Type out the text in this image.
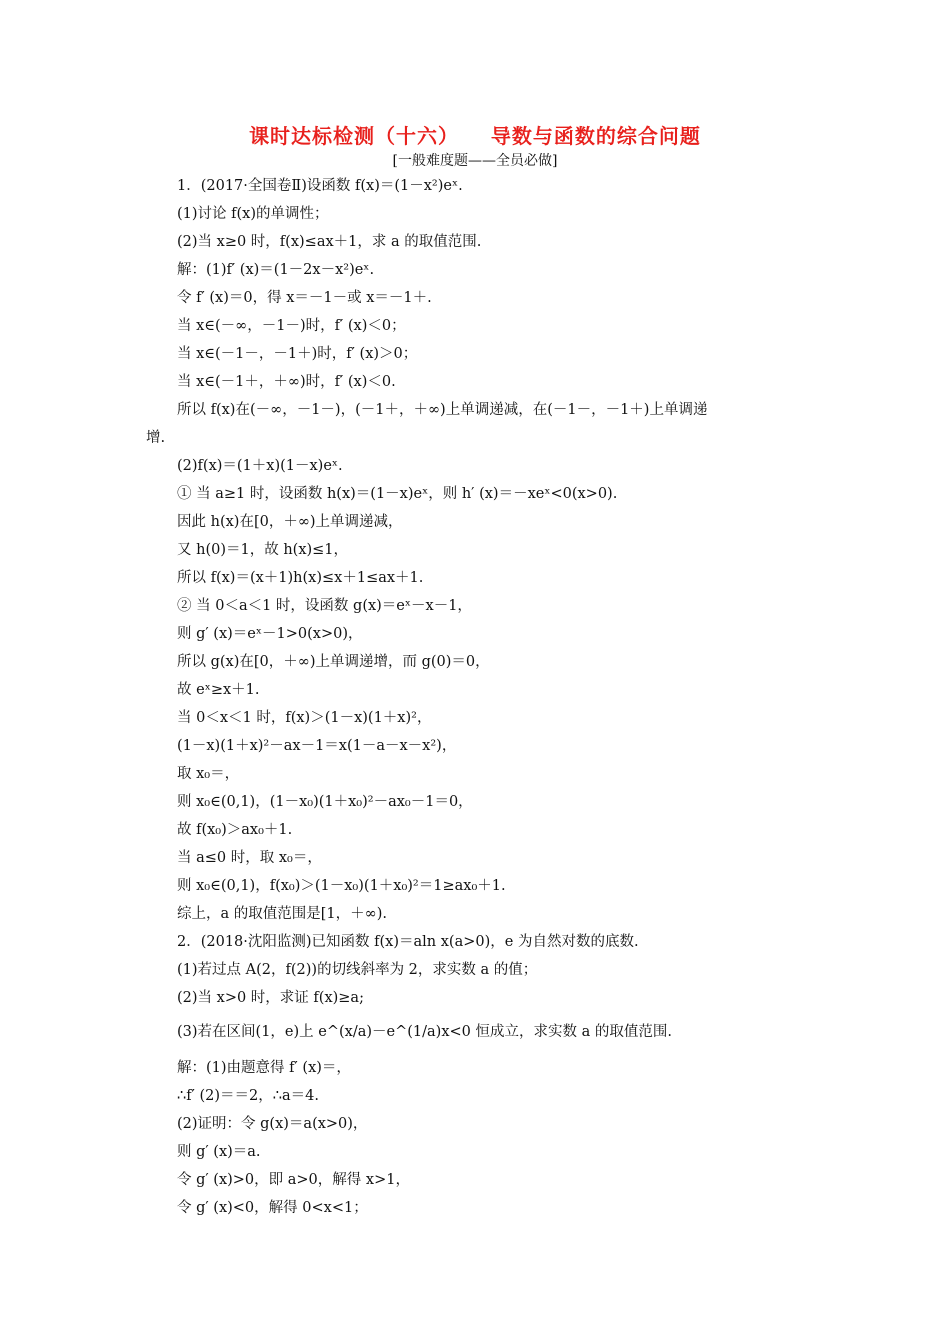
课时达标检测（十六）    导数与函数的综合问题
[一般难度题——全员必做]
1．(2017·全国卷Ⅱ)设函数 f(x)＝(1－x²)eˣ.
(1)讨论 f(x)的单调性；
(2)当 x≥0 时，f(x)≤ax＋1，求 a 的取值范围.
解：(1)f′ (x)＝(1－2x－x²)eˣ.
令 f′ (x)＝0，得 x＝－1－或 x＝－1＋.
当 x∈(－∞，－1－)时，f′ (x)＜0；
当 x∈(－1－，－1＋)时，f′ (x)＞0；
当 x∈(－1＋，＋∞)时，f′ (x)＜0.
所以 f(x)在(－∞，－1－)，(－1＋，＋∞)上单调递减，在(－1－，－1＋)上单调递
增.
(2)f(x)＝(1＋x)(1－x)eˣ.
① 当 a≥1 时，设函数 h(x)＝(1－x)eˣ，则 h′ (x)＝－xeˣ<0(x>0).
因此 h(x)在[0，＋∞)上单调递减，
又 h(0)＝1，故 h(x)≤1，
所以 f(x)＝(x＋1)h(x)≤x＋1≤ax＋1.
② 当 0＜a＜1 时，设函数 g(x)＝eˣ－x－1，
则 g′ (x)＝eˣ－1>0(x>0)，
所以 g(x)在[0，＋∞)上单调递增，而 g(0)＝0，
故 eˣ≥x＋1.
当 0＜x＜1 时，f(x)＞(1－x)(1＋x)²，
(1－x)(1＋x)²－ax－1＝x(1－a－x－x²)，
取 x₀＝，
则 x₀∈(0,1)，(1－x₀)(1＋x₀)²－ax₀－1＝0，
故 f(x₀)＞ax₀＋1.
当 a≤0 时，取 x₀＝，
则 x₀∈(0,1)，f(x₀)＞(1－x₀)(1＋x₀)²＝1≥ax₀＋1.
综上，a 的取值范围是[1，＋∞).
2．(2018·沈阳监测)已知函数 f(x)＝aln x(a>0)，e 为自然对数的底数.
(1)若过点 A(2，f(2))的切线斜率为 2，求实数 a 的值；
(2)当 x>0 时，求证 f(x)≥a;
(3)若在区间(1，e)上 e^(x/a)－e^(1/a)x<0 恒成立，求实数 a 的取值范围.
解：(1)由题意得 f′ (x)＝，
∴f′ (2)＝＝2，∴a＝4.
(2)证明：令 g(x)＝a(x>0)，
则 g′ (x)＝a.
令 g′ (x)>0，即 a>0，解得 x>1，
令 g′ (x)<0，解得 0<x<1；
